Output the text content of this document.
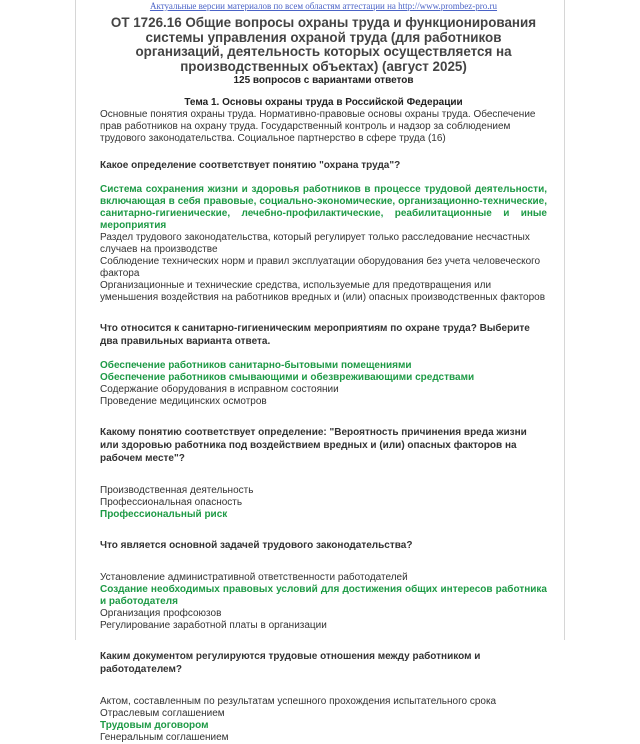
Актуальные версии материалов по всем областям аттестации на http://www.prombez-pro.ru
ОТ 1726.16 Общие вопросы охраны труда и функционирования системы управления охраной труда (для работников организаций, деятельность которых осуществляется на производственных объектах) (август 2025)
125 вопросов с вариантами ответов
Тема 1. Основы охраны труда в Российской Федерации
Основные понятия охраны труда. Нормативно-правовые основы охраны труда. Обеспечение прав работников на охрану труда. Государственный контроль и надзор за соблюдением трудового законодательства. Социальное партнерство в сфере труда (16)
Какое определение соответствует понятию "охрана труда"?
Система сохранения жизни и здоровья работников в процессе трудовой деятельности, включающая в себя правовые, социально-экономические, организационно-технические, санитарно-гигиенические, лечебно-профилактические, реабилитационные и иные мероприятия
Раздел трудового законодательства, который регулирует только расследование несчастных случаев на производстве
Соблюдение технических норм и правил эксплуатации оборудования без учета человеческого фактора
Организационные и технические средства, используемые для предотвращения или уменьшения воздействия на работников вредных и (или) опасных производственных факторов
Что относится к санитарно-гигиеническим мероприятиям по охране труда? Выберите два правильных варианта ответа.
Обеспечение работников санитарно-бытовыми помещениями
Обеспечение работников смывающими и обезвреживающими средствами
Содержание оборудования в исправном состоянии
Проведение медицинских осмотров
Какому понятию соответствует определение: "Вероятность причинения вреда жизни или здоровью работника под воздействием вредных и (или) опасных факторов на рабочем месте"?
Производственная деятельность
Профессиональная опасность
Профессиональный риск
Что является основной задачей трудового законодательства?
Установление административной ответственности работодателей
Создание необходимых правовых условий для достижения общих интересов работника и работодателя
Организация профсоюзов
Регулирование заработной платы в организации
Каким документом регулируются трудовые отношения между работником и работодателем?
Актом, составленным по результатам успешного прохождения испытательного срока
Отраслевым соглашением
Трудовым договором
Генеральным соглашением
